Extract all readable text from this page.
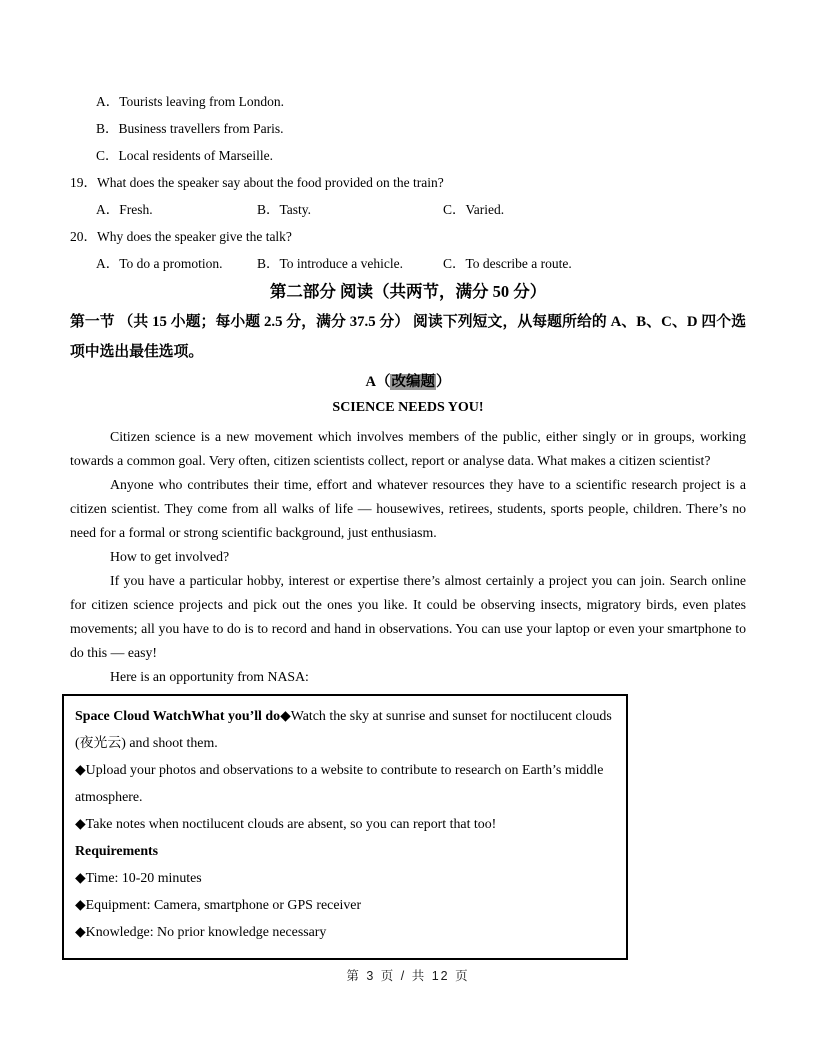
A．Tourists leaving from London.
B．Business travellers from Paris.
C．Local residents of Marseille.
19．What does the speaker say about the food provided on the train?
A．Fresh.	B．Tasty.	C．Varied.
20．Why does the speaker give the talk?
A．To do a promotion.	B．To introduce a vehicle.	C．To describe a route.
第二部分 阅读（共两节，满分 50 分）
第一节 （共 15 小题；每小题 2.5 分，满分 37.5 分） 阅读下列短文，从每题所给的 A、B、C、D 四个选项中选出最佳选项。
A（改编题）
SCIENCE NEEDS YOU!

Citizen science is a new movement which involves members of the public, either singly or in groups, working towards a common goal. Very often, citizen scientists collect, report or analyse data. What makes a citizen scientist?

Anyone who contributes their time, effort and whatever resources they have to a scientific research project is a citizen scientist. They come from all walks of life — housewives, retirees, students, sports people, children. There’s no need for a formal or strong scientific background, just enthusiasm.

How to get involved?

If you have a particular hobby, interest or expertise there’s almost certainly a project you can join. Search online for citizen science projects and pick out the ones you like. It could be observing insects, migratory birds, even plates movements; all you have to do is to record and hand in observations. You can use your laptop or even your smartphone to do this — easy!

Here is an opportunity from NASA:

Space Cloud WatchWhat you’ll do◆Watch the sky at sunrise and sunset for noctilucent clouds (夜光云) and shoot them.

◆Upload your photos and observations to a website to contribute to research on Earth’s middle atmosphere.

◆Take notes when noctilucent clouds are absent, so you can report that too!

Requirements

◆Time: 10-20 minutes

◆Equipment: Camera, smartphone or GPS receiver

◆Knowledge: No prior knowledge necessary

第 3 页 / 共 12 页
